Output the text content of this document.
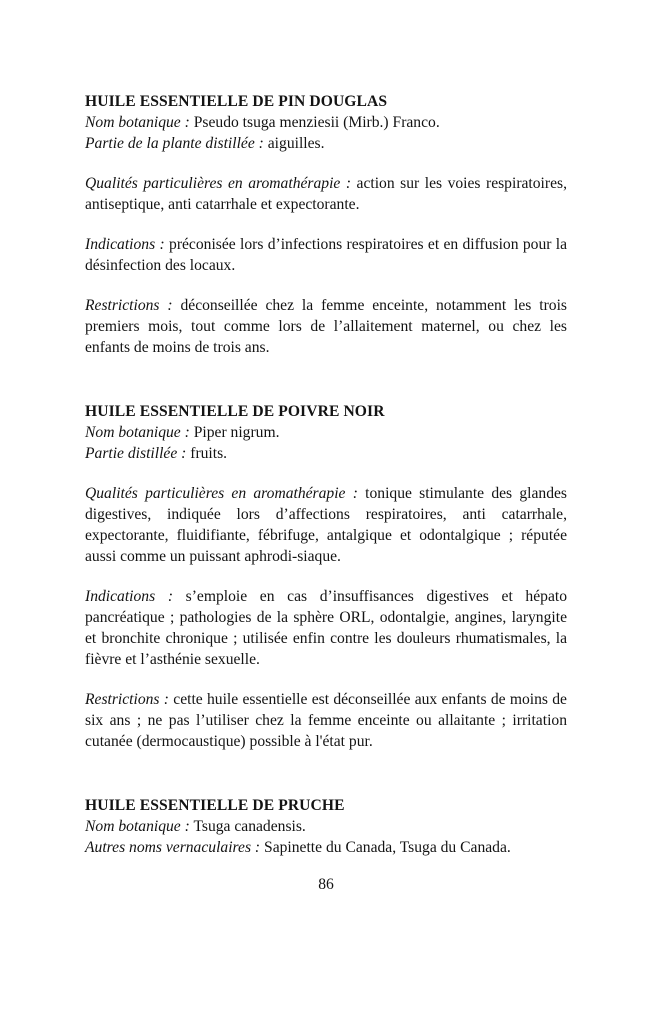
HUILE ESSENTIELLE DE PIN DOUGLAS

Nom botanique : Pseudo tsuga menziesii (Mirb.) Franco.

Partie de la plante distillée : aiguilles.

Qualités particulières en aromathérapie : action sur les voies respiratoires, antiseptique, anti catarrhale et expectorante.

Indications : préconisée lors d’infections respiratoires et en diffusion pour la désinfection des locaux.

Restrictions : déconseillée chez la femme enceinte, notamment les trois premiers mois, tout comme lors de l’allaitement maternel, ou chez les enfants de moins de trois ans.

HUILE ESSENTIELLE DE POIVRE NOIR

Nom botanique : Piper nigrum.

Partie distillée : fruits.

Qualités particulières en aromathérapie : tonique stimulante des glandes digestives, indiquée lors d’affections respiratoires, anti catarrhale, expectorante, fluidifiante, fébrifuge, antalgique et odontalgique ; réputée aussi comme un puissant aphrodi-siaque.

Indications : s’emploie en cas d’insuffisances digestives et hépato pancréatique ; pathologies de la sphère ORL, odontalgie, angines, laryngite et bronchite chronique ; utilisée enfin contre les douleurs rhumatismales, la fièvre et l’asthénie sexuelle.

Restrictions : cette huile essentielle est déconseillée aux enfants de moins de six ans ; ne pas l’utiliser chez la femme enceinte ou allaitante ; irritation cutanée (dermocaustique) possible à l'état pur.

HUILE ESSENTIELLE DE PRUCHE

Nom botanique : Tsuga canadensis.

Autres noms vernaculaires : Sapinette du Canada, Tsuga du Canada.

86
